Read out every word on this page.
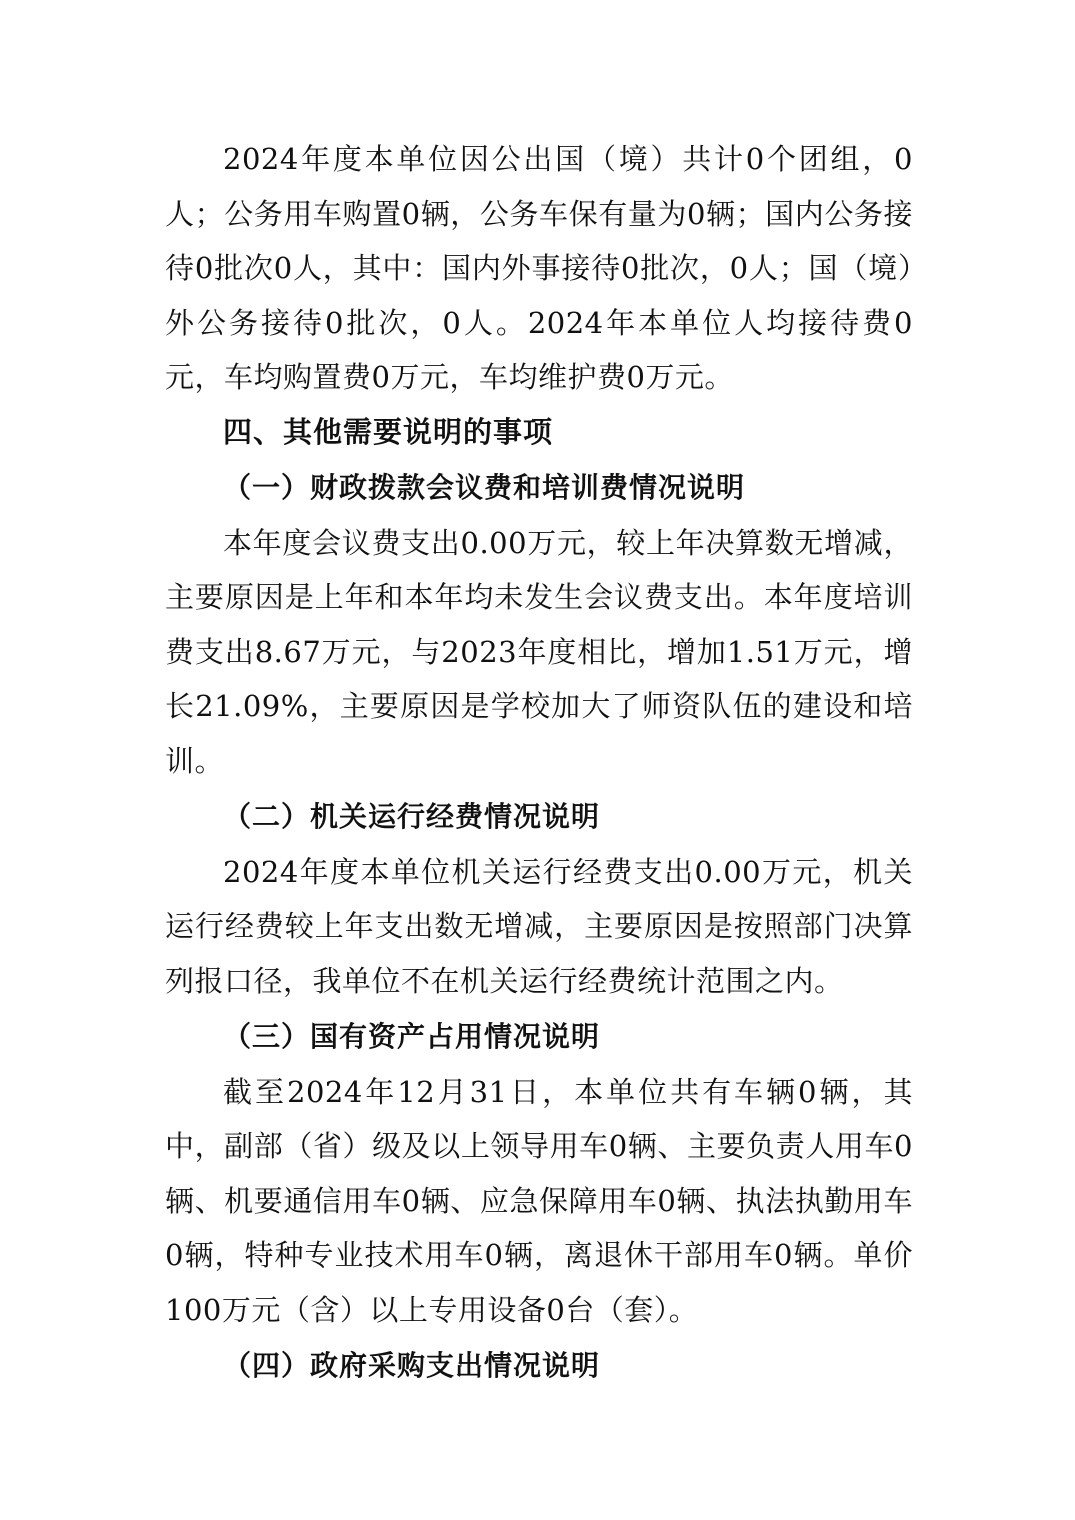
2024年度本单位因公出国（境）共计0个团组，0人；公务用车购置0辆，公务车保有量为0辆；国内公务接待0批次0人，其中：国内外事接待0批次，0人；国（境）外公务接待0批次，0人。2024年本单位人均接待费0元，车均购置费0万元，车均维护费0万元。

四、其他需要说明的事项

（一）财政拨款会议费和培训费情况说明

本年度会议费支出0.00万元，较上年决算数无增减，主要原因是上年和本年均未发生会议费支出。本年度培训费支出8.67万元，与2023年度相比，增加1.51万元，增长21.09%，主要原因是学校加大了师资队伍的建设和培训。

（二）机关运行经费情况说明

2024年度本单位机关运行经费支出0.00万元，机关运行经费较上年支出数无增减，主要原因是按照部门决算列报口径，我单位不在机关运行经费统计范围之内。

（三）国有资产占用情况说明

截至2024年12月31日，本单位共有车辆0辆，其中，副部（省）级及以上领导用车0辆、主要负责人用车0辆、机要通信用车0辆、应急保障用车0辆、执法执勤用车0辆，特种专业技术用车0辆，离退休干部用车0辆。单价100万元（含）以上专用设备0台（套）。

（四）政府采购支出情况说明
